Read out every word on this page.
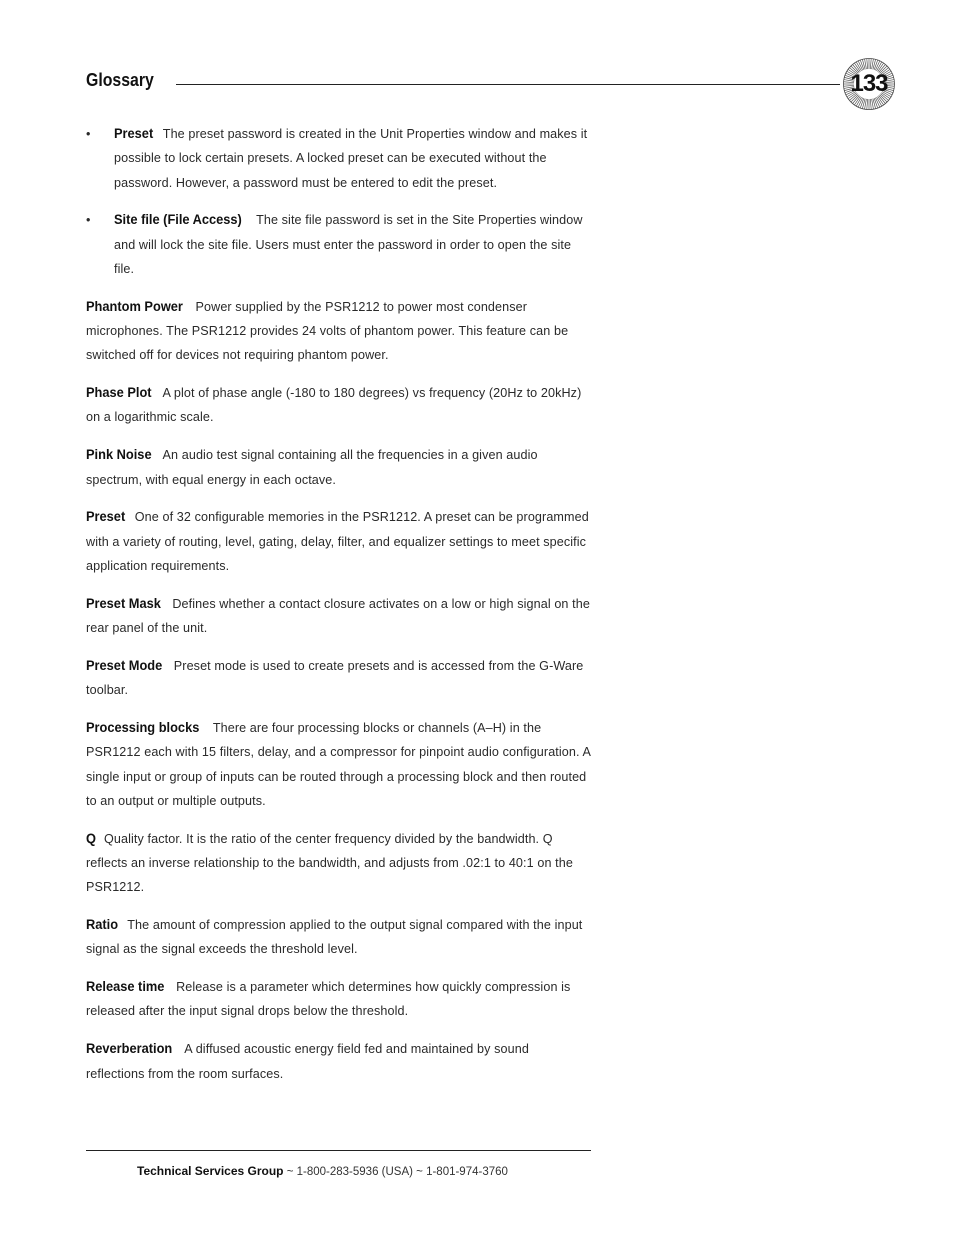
Glossary	133
•	Preset The preset password is created in the Unit Properties window and makes it possible to lock certain presets. A locked preset can be executed without the password. However, a password must be entered to edit the preset.
•	Site file (File Access) The site file password is set in the Site Properties window and will lock the site file. Users must enter the password in order to open the site file.
Phantom Power Power supplied by the PSR1212 to power most condenser microphones. The PSR1212 provides 24 volts of phantom power. This feature can be switched off for devices not requiring phantom power.
Phase Plot A plot of phase angle (-180 to 180 degrees) vs frequency (20Hz to 20kHz) on a logarithmic scale.
Pink Noise An audio test signal containing all the frequencies in a given audio spectrum, with equal energy in each octave.
Preset One of 32 configurable memories in the PSR1212. A preset can be programmed with a variety of routing, level, gating, delay, filter, and equalizer settings to meet specific application requirements.
Preset Mask Defines whether a contact closure activates on a low or high signal on the rear panel of the unit.
Preset Mode Preset mode is used to create presets and is accessed from the G-Ware toolbar.
Processing blocks There are four processing blocks or channels (A–H) in the PSR1212 each with 15 filters, delay, and a compressor for pinpoint audio configuration. A single input or group of inputs can be routed through a processing block and then routed to an output or multiple outputs.
Q Quality factor. It is the ratio of the center frequency divided by the bandwidth. Q reflects an inverse relationship to the bandwidth, and adjusts from .02:1 to 40:1 on the PSR1212.
Ratio The amount of compression applied to the output signal compared with the input signal as the signal exceeds the threshold level.
Release time Release is a parameter which determines how quickly compression is released after the input signal drops below the threshold.
Reverberation A diffused acoustic energy field fed and maintained by sound reflections from the room surfaces.
Technical Services Group ~ 1-800-283-5936 (USA) ~ 1-801-974-3760
